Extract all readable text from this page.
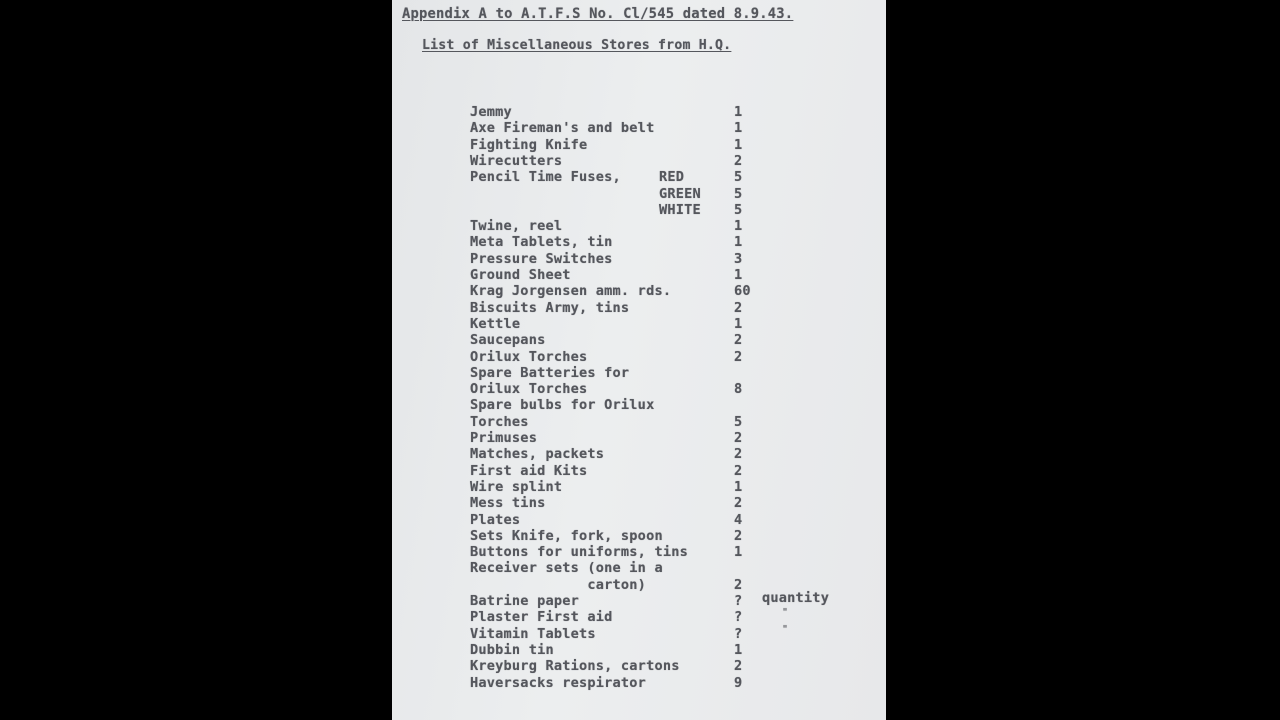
Appendix A to A.T.F.S No. Cl/545 dated 8.9.43.
List of Miscellaneous Stores from H.Q.
Jemmy	1
Axe Fireman's and belt	1
Fighting Knife	1
Wirecutters	2
Pencil Time Fuses,	RED	5
GREEN 5
WHITE 5
Twine, reel	1
Meta Tablets, tin	1
Pressure Switches	3
Ground Sheet	1
Krag Jorgensen amm. rds.	60
Biscuits Army, tins	2
Kettle	1
Saucepans	2
Orilux Torches	2
Spare Batteries for
Orilux Torches	8
Spare bulbs for Orilux
Torches	5
Primuses	2
Matches, packets	2
First aid Kits	2
Wire splint	1
Mess tins	2
Plates	4
Sets Knife, fork, spoon	2
Buttons for uniforms, tins	1
Receiver sets (one in a
carton)	2
Batrine paper	? quantity
Plaster First aid	?	"
Vitamin Tablets	?	"
Dubbin tin	1
Kreyburg Rations, cartons	2
Haversacks respirator	9
